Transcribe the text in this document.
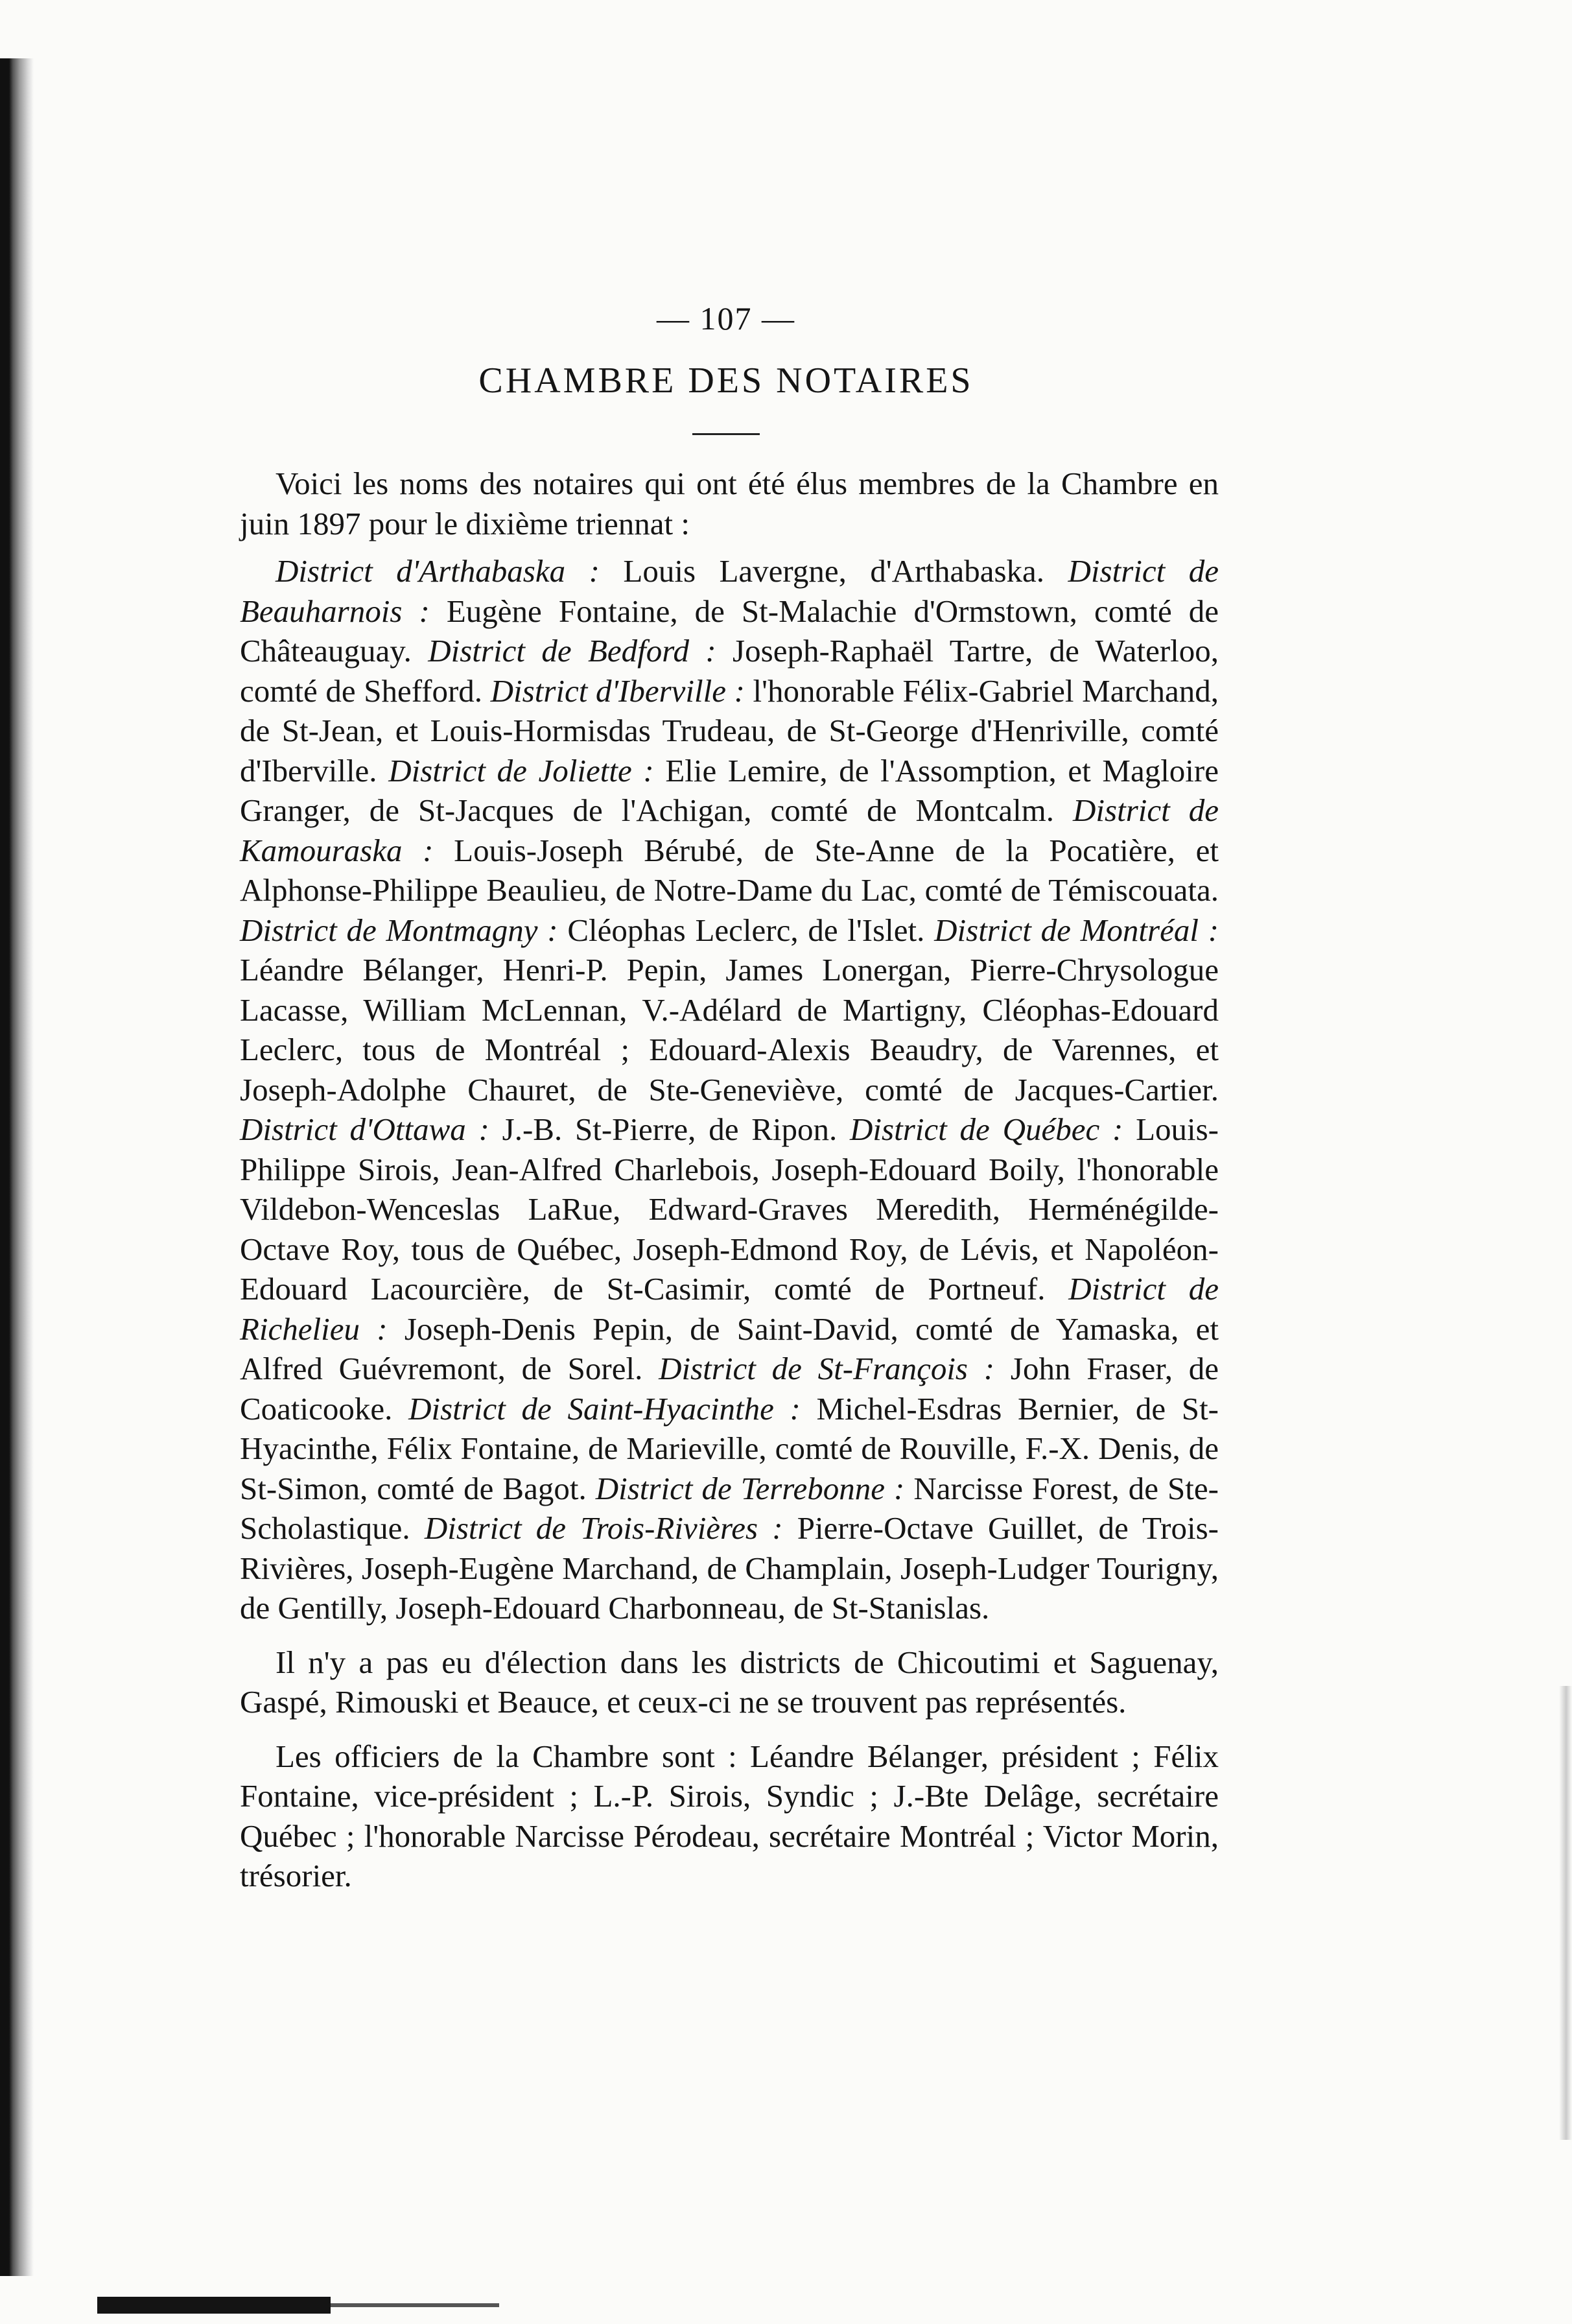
— 107 —
CHAMBRE DES NOTAIRES

Voici les noms des notaires qui ont été élus membres de la Chambre en juin 1897 pour le dixième triennat :

District d'Arthabaska : Louis Lavergne, d'Arthabaska. District de Beauharnois : Eugène Fontaine, de St-Malachie d'Ormstown, comté de Châteauguay. District de Bedford : Joseph-Raphaël Tartre, de Waterloo, comté de Shefford. District d'Iberville : l'honorable Félix-Gabriel Marchand, de St-Jean, et Louis-Hormisdas Trudeau, de St-George d'Henriville, comté d'Iberville. District de Joliette : Elie Lemire, de l'Assomption, et Magloire Granger, de St-Jacques de l'Achigan, comté de Montcalm. District de Kamouraska : Louis-Joseph Bérubé, de Ste-Anne de la Pocatière, et Alphonse-Philippe Beaulieu, de Notre-Dame du Lac, comté de Témiscouata. District de Montmagny : Cléophas Leclerc, de l'Islet. District de Montréal : Léandre Bélanger, Henri-P. Pepin, James Lonergan, Pierre-Chrysologue Lacasse, William McLennan, V.-Adélard de Martigny, Cléophas-Edouard Leclerc, tous de Montréal ; Edouard-Alexis Beaudry, de Varennes, et Joseph-Adolphe Chauret, de Ste-Geneviève, comté de Jacques-Cartier. District d'Ottawa : J.-B. St-Pierre, de Ripon. District de Québec : Louis-Philippe Sirois, Jean-Alfred Charlebois, Joseph-Edouard Boily, l'honorable Vildebon-Wenceslas LaRue, Edward-Graves Meredith, Herménégilde-Octave Roy, tous de Québec, Joseph-Edmond Roy, de Lévis, et Napoléon-Edouard Lacourcière, de St-Casimir, comté de Portneuf. District de Richelieu : Joseph-Denis Pepin, de Saint-David, comté de Yamaska, et Alfred Guévremont, de Sorel. District de St-François : John Fraser, de Coaticooke. District de Saint-Hyacinthe : Michel-Esdras Bernier, de St-Hyacinthe, Félix Fontaine, de Marieville, comté de Rouville, F.-X. Denis, de St-Simon, comté de Bagot. District de Terrebonne : Narcisse Forest, de Ste-Scholastique. District de Trois-Rivières : Pierre-Octave Guillet, de Trois-Rivières, Joseph-Eugène Marchand, de Champlain, Joseph-Ludger Tourigny, de Gentilly, Joseph-Edouard Charbonneau, de St-Stanislas.

Il n'y a pas eu d'élection dans les districts de Chicoutimi et Saguenay, Gaspé, Rimouski et Beauce, et ceux-ci ne se trouvent pas représentés.

Les officiers de la Chambre sont : Léandre Bélanger, président ; Félix Fontaine, vice-président ; L.-P. Sirois, Syndic ; J.-Bte Delâge, secrétaire Québec ; l'honorable Narcisse Pérodeau, secrétaire Montréal ; Victor Morin, trésorier.
